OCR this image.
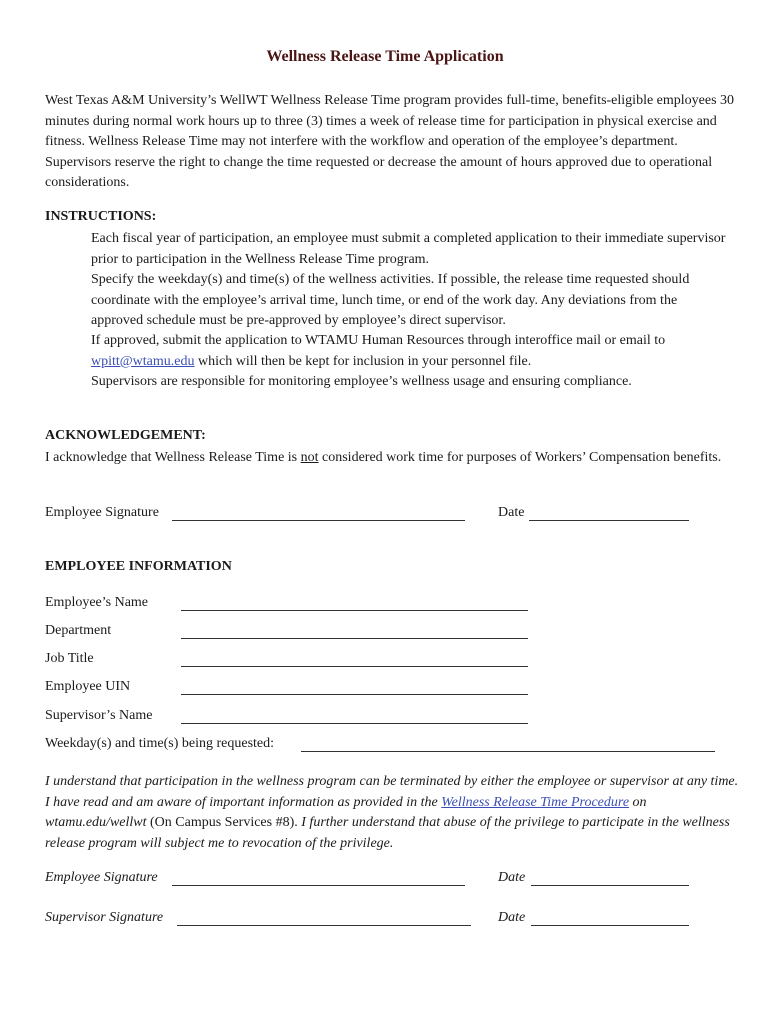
Wellness Release Time Application
West Texas A&M University’s WellWT Wellness Release Time program provides full-time, benefits-eligible employees 30 minutes during normal work hours up to three (3) times a week of release time for participation in physical exercise and fitness. Wellness Release Time may not interfere with the workflow and operation of the employee’s department. Supervisors reserve the right to change the time requested or decrease the amount of hours approved due to operational considerations.
INSTRUCTIONS:
Each fiscal year of participation, an employee must submit a completed application to their immediate supervisor prior to participation in the Wellness Release Time program.
Specify the weekday(s) and time(s) of the wellness activities. If possible, the release time requested should coordinate with the employee’s arrival time, lunch time, or end of the work day. Any deviations from the approved schedule must be pre-approved by employee’s direct supervisor.
If approved, submit the application to WTAMU Human Resources through interoffice mail or email to
wpitt@wtamu.edu which will then be kept for inclusion in your personnel file.
Supervisors are responsible for monitoring employee’s wellness usage and ensuring compliance.
ACKNOWLEDGEMENT:
I acknowledge that Wellness Release Time is not considered work time for purposes of Workers’ Compensation benefits.
Employee Signature	Date
EMPLOYEE INFORMATION
Employee’s Name
Department
Job Title
Employee UIN
Supervisor’s Name
Weekday(s) and time(s) being requested:
I understand that participation in the wellness program can be terminated by either the employee or supervisor at any time. I have read and am aware of important information as provided in the Wellness Release Time Procedure on wtamu.edu/wellwt (On Campus Services #8). I further understand that abuse of the privilege to participate in the wellness release program will subject me to revocation of the privilege.
Employee Signature	Date
Supervisor Signature	Date
